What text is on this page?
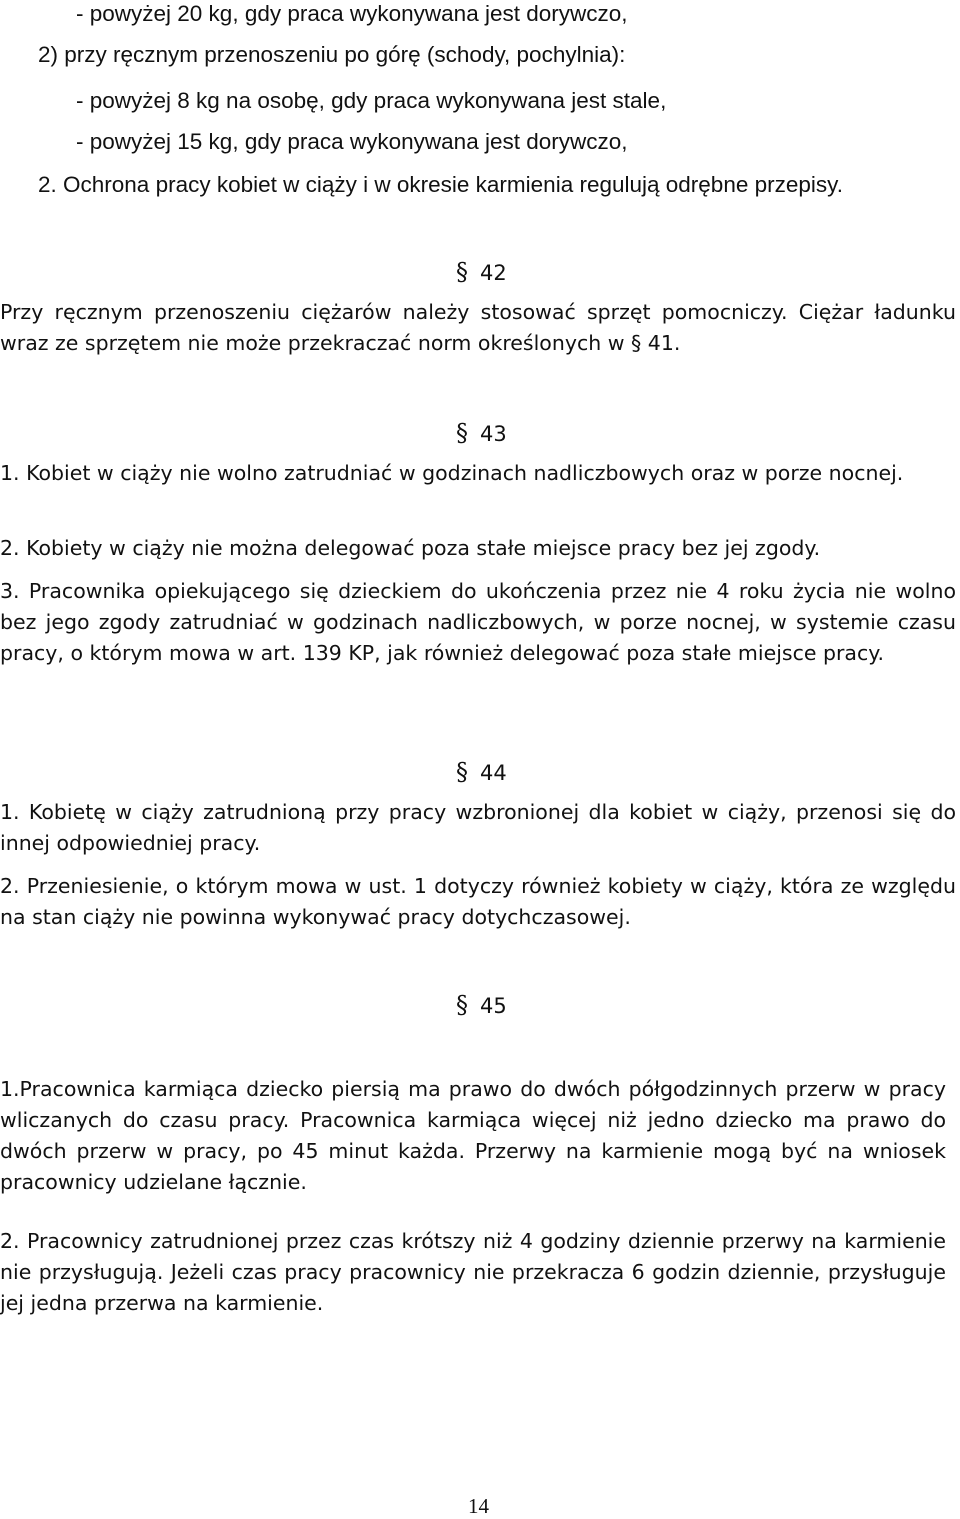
- powyżej 20 kg, gdy praca wykonywana jest dorywczo,
2) przy ręcznym przenoszeniu po górę (schody, pochylnia):
- powyżej 8 kg na osobę, gdy praca wykonywana jest stale,
- powyżej 15 kg, gdy praca wykonywana jest dorywczo,
2. Ochrona pracy kobiet w ciąży i w okresie karmienia regulują odrębne przepisy.
§ 42
Przy ręcznym przenoszeniu ciężarów należy stosować sprzęt pomocniczy. Ciężar ładunku wraz ze sprzętem nie może przekraczać norm określonych w § 41.
§ 43
1. Kobiet w ciąży nie wolno zatrudniać w godzinach nadliczbowych oraz w porze nocnej.
2. Kobiety w ciąży nie można delegować poza stałe miejsce pracy bez jej zgody.
3. Pracownika opiekującego się dzieckiem do ukończenia przez nie 4 roku życia nie wolno bez jego zgody zatrudniać w godzinach nadliczbowych, w porze nocnej, w systemie czasu pracy, o którym mowa w art. 139 KP, jak również delegować poza stałe miejsce pracy.
§ 44
1. Kobietę w ciąży zatrudnioną przy pracy wzbronionej dla kobiet w ciąży, przenosi się do innej odpowiedniej pracy.
2. Przeniesienie, o którym mowa w ust. 1 dotyczy również kobiety w ciąży, która ze względu na stan ciąży nie powinna wykonywać pracy dotychczasowej.
§ 45
1.Pracownica karmiąca dziecko piersią ma prawo do dwóch półgodzinnych przerw w pracy wliczanych do czasu pracy. Pracownica karmiąca więcej niż jedno dziecko ma prawo do dwóch przerw w pracy, po 45 minut każda. Przerwy na karmienie mogą być na wniosek pracownicy udzielane łącznie.
2. Pracownicy zatrudnionej przez czas krótszy niż 4 godziny dziennie przerwy na karmienie nie przysługują. Jeżeli czas pracy pracownicy nie przekracza 6 godzin dziennie, przysługuje jej jedna przerwa na karmienie.
14
